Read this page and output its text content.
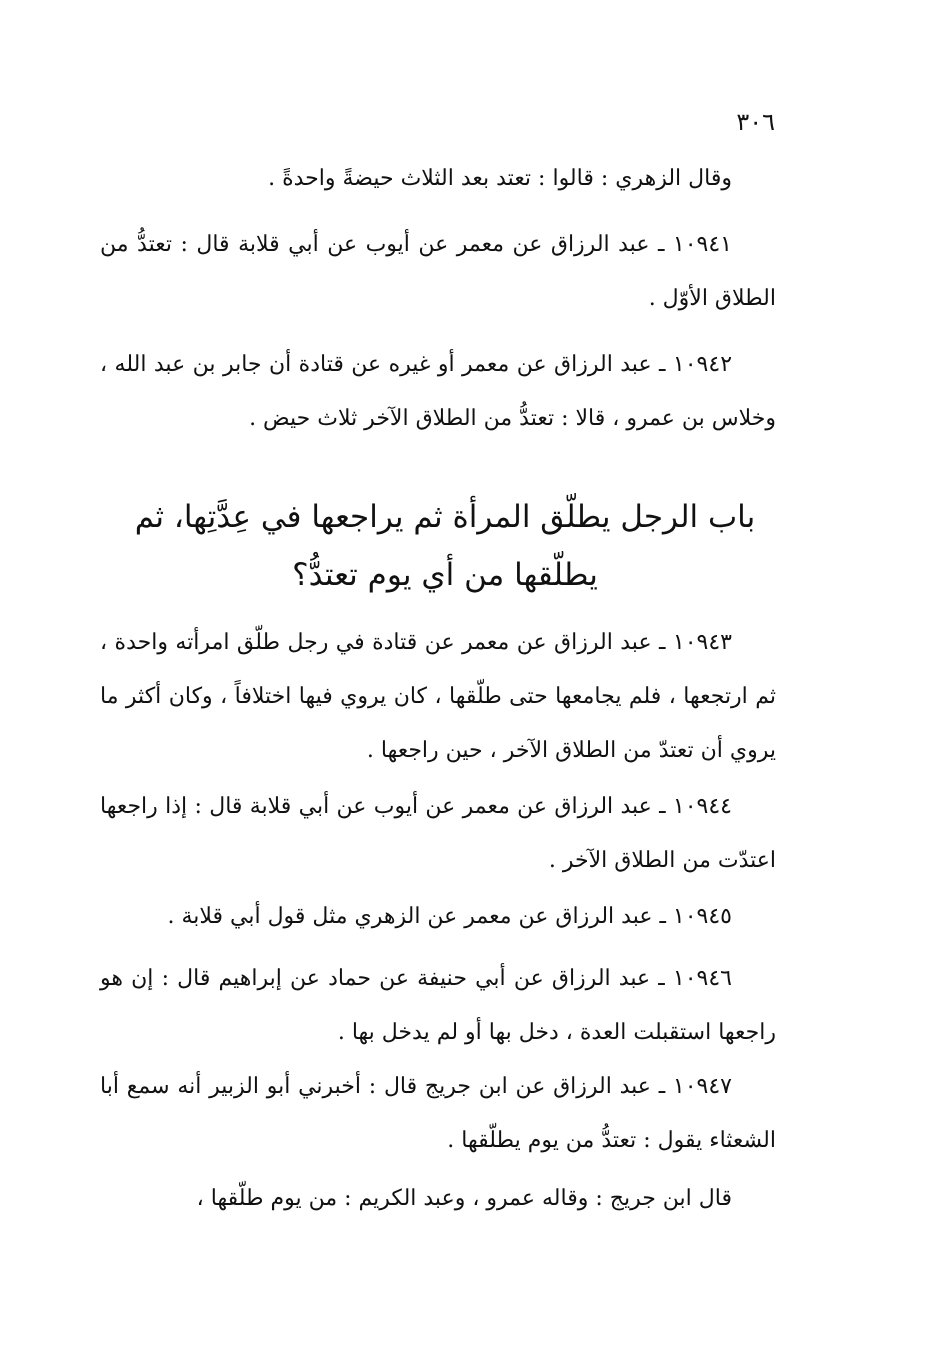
٣٠٦

وقال الزهري : قالوا : تعتد بعد الثلاث حيضةً واحدةً .

١٠٩٤١ ـ عبد الرزاق عن معمر عن أيوب عن أبي قلابة قال : تعتدُّ من الطلاق الأوّل .

١٠٩٤٢ ـ عبد الرزاق عن معمر أو غيره عن قتادة أن جابر بن عبد الله ، وخلاس بن عمرو ، قالا : تعتدُّ من الطلاق الآخر ثلاث حيض .

باب الرجل يطلّق المرأة ثم يراجعها في عِدَّتِها، ثم
يطلّقها من أي يوم تعتدُّ؟

١٠٩٤٣ ـ عبد الرزاق عن معمر عن قتادة في رجل طلّق امرأته واحدة ، ثم ارتجعها ، فلم يجامعها حتى طلّقها ، كان يروي فيها اختلافاً ، وكان أكثر ما يروي أن تعتدّ من الطلاق الآخر ، حين راجعها .

١٠٩٤٤ ـ عبد الرزاق عن معمر عن أيوب عن أبي قلابة قال : إذا راجعها اعتدّت من الطلاق الآخر .

١٠٩٤٥ ـ عبد الرزاق عن معمر عن الزهري مثل قول أبي قلابة .

١٠٩٤٦ ـ عبد الرزاق عن أبي حنيفة عن حماد عن إبراهيم قال : إن هو راجعها استقبلت العدة ، دخل بها أو لم يدخل بها .

١٠٩٤٧ ـ عبد الرزاق عن ابن جريج قال : أخبرني أبو الزبير أنه سمع أبا الشعثاء يقول : تعتدُّ من يوم يطلّقها .

قال ابن جريج : وقاله عمرو ، وعبد الكريم : من يوم طلّقها ،
